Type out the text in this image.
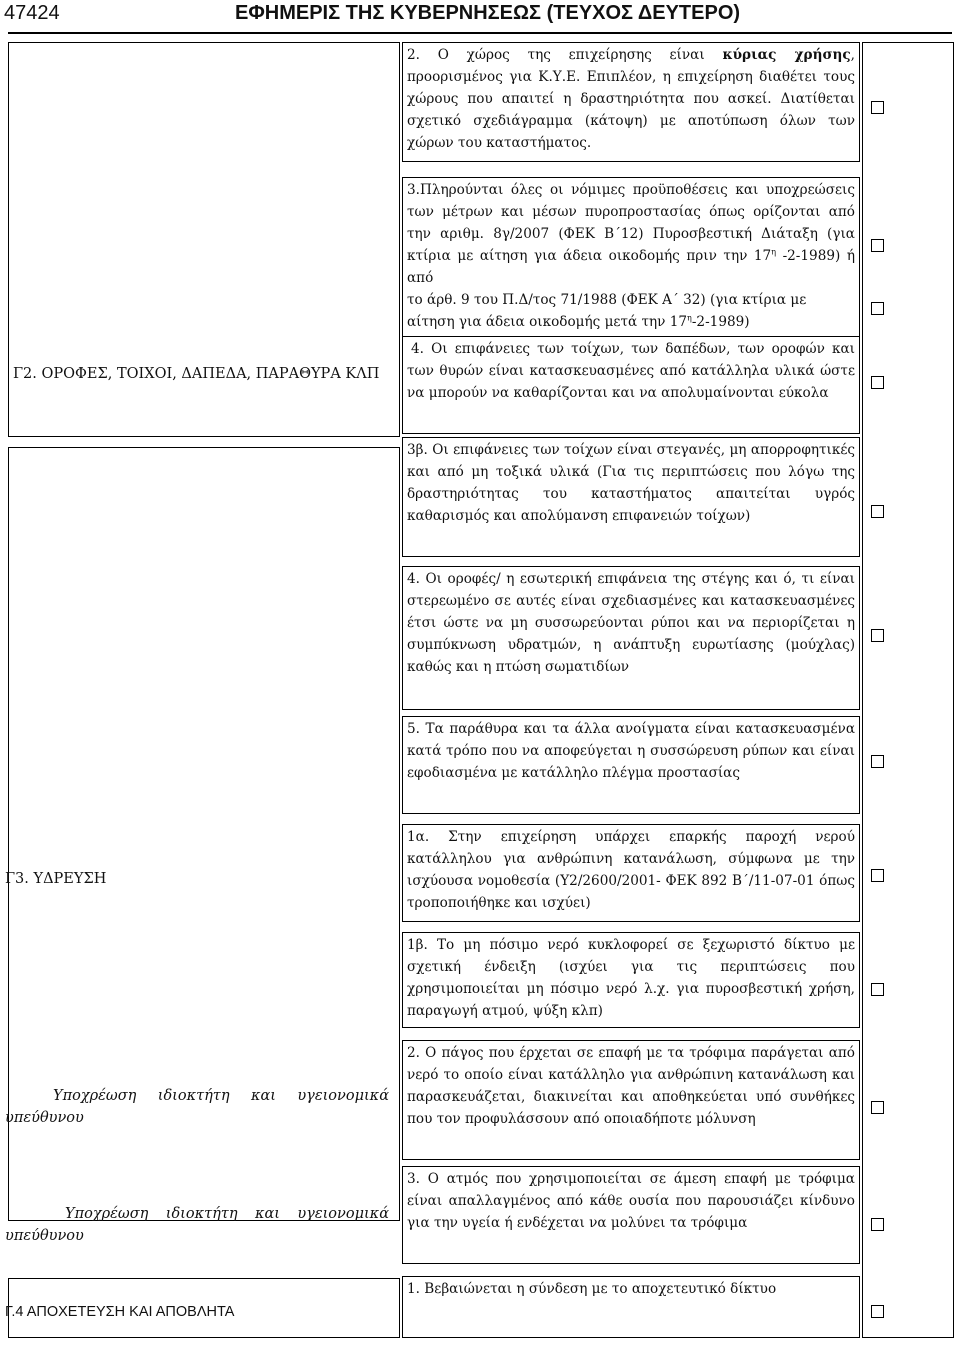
47424	ΕΦΗΜΕΡΙΣ ΤΗΣ ΚΥΒΕΡΝΗΣΕΩΣ (ΤΕΥΧΟΣ ΔΕΥΤΕΡΟ)
Γ2. ΟΡΟΦΕΣ, ΤΟΙΧΟΙ, ΔΑΠΕΔΑ, ΠΑΡΑΘΥΡΑ ΚΛΠ
Γ3. ΥΔΡΕΥΣΗ
Υποχρέωση ιδιοκτήτη και υγειονομικά υπεύθυνου
Υποχρέωση ιδιοκτήτη και υγειονομικά υπεύθυνου
Γ.4 ΑΠΟΧΕΤΕΥΣΗ ΚΑΙ ΑΠΟΒΛΗΤΑ

2. Ο χώρος της επιχείρησης είναι κύριας χρήσης, προορισμένος για Κ.Υ.Ε. Επιπλέον, η επιχείρηση διαθέτει τους χώρους που απαιτεί η δραστηριότητα που ασκεί. Διατίθεται σχετικό σχεδιάγραμμα (κάτοψη) με αποτύπωση όλων των χώρων του καταστήματος.

3.Πληρούνται όλες οι νόμιμες προϋποθέσεις και υποχρεώσεις των μέτρων και μέσων πυροπροστασίας όπως ορίζονται από την αριθμ. 8γ/2007 (ΦΕΚ Β΄12) Πυροσβεστική Διάταξη (για κτίρια με αίτηση για άδεια οικοδομής πριν την $17^\eta$ -2-1989) ή από

το άρθ. 9 του Π.Δ/τος 71/1988 (ΦΕΚ Α΄ 32) (για κτίρια με αίτηση για άδεια οικοδομής μετά την $17^\eta-2-1989$)

4. Οι επιφάνειες των τοίχων, των δαπέδων, των οροφών και των θυρών είναι κατασκευασμένες από κατάλληλα υλικά ώστε να μπορούν να καθαρίζονται και να απολυμαίνονται εύκολα

3β. Οι επιφάνειες των τοίχων είναι στεγανές, μη απορροφητικές και από μη τοξικά υλικά (Για τις περιπτώσεις που λόγω της δραστηριότητας του καταστήματος απαιτείται υγρός καθαρισμός και απολύμανση επιφανειών τοίχων)

4. Οι οροφές/ η εσωτερική επιφάνεια της στέγης και ό, τι είναι στερεωμένο σε αυτές είναι σχεδιασμένες και κατασκευασμένες έτσι ώστε να μη συσσωρεύονται ρύποι και να περιορίζεται η συμπύκνωση υδρατμών, η ανάπτυξη ευρωτίασης (μούχλας) καθώς και η πτώση σωματιδίων

5. Τα παράθυρα και τα άλλα ανοίγματα είναι κατασκευασμένα κατά τρόπο που να αποφεύγεται η συσσώρευση ρύπων και είναι εφοδιασμένα με κατάλληλο πλέγμα προστασίας

1α. Στην επιχείρηση υπάρχει επαρκής παροχή νερού κατάλληλου για ανθρώπινη κατανάλωση, σύμφωνα με την ισχύουσα νομοθεσία (Υ2/2600/2001- ΦΕΚ 892 Β΄/11-07-01 όπως τροποποιήθηκε και ισχύει)

1β. Το μη πόσιμο νερό κυκλοφορεί σε ξεχωριστό δίκτυο με σχετική ένδειξη (ισχύει για τις περιπτώσεις που χρησιμοποιείται μη πόσιμο νερό λ.χ. για πυροσβεστική χρήση, παραγωγή ατμού, ψύξη κλπ)

2. Ο πάγος που έρχεται σε επαφή με τα τρόφιμα παράγεται από νερό το οποίο είναι κατάλληλο για ανθρώπινη κατανάλωση και παρασκευάζεται, διακινείται και αποθηκεύεται υπό συνθήκες που τον προφυλάσσουν από οποιαδήποτε μόλυνση

3. Ο ατμός που χρησιμοποιείται σε άμεση επαφή με τρόφιμα είναι απαλλαγμένος από κάθε ουσία που παρουσιάζει κίνδυνο για την υγεία ή ενδέχεται να μολύνει τα τρόφιμα

1. Βεβαιώνεται η σύνδεση με το αποχετευτικό δίκτυο
